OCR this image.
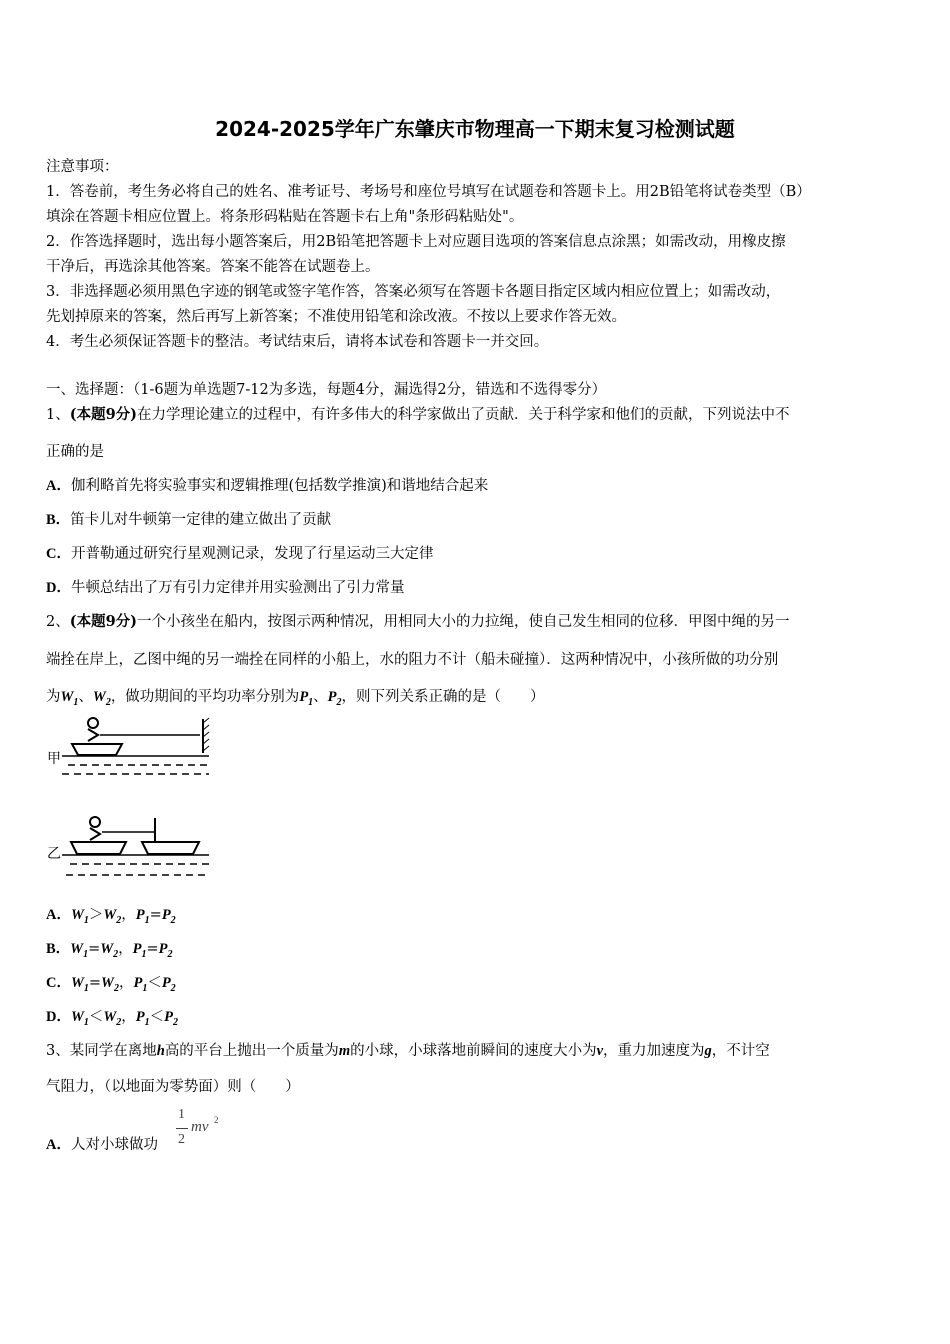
2024-2025学年广东肇庆市物理高一下期末复习检测试题
注意事项：
1．答卷前，考生务必将自己的姓名、准考证号、考场号和座位号填写在试题卷和答题卡上。用2B铅笔将试卷类型（B）
填涂在答题卡相应位置上。将条形码粘贴在答题卡右上角"条形码粘贴处"。
2．作答选择题时，选出每小题答案后，用2B铅笔把答题卡上对应题目选项的答案信息点涂黑；如需改动，用橡皮擦
干净后，再选涂其他答案。答案不能答在试题卷上。
3．非选择题必须用黑色字迹的钢笔或签字笔作答，答案必须写在答题卡各题目指定区域内相应位置上；如需改动，
先划掉原来的答案，然后再写上新答案；不准使用铅笔和涂改液。不按以上要求作答无效。
4．考生必须保证答题卡的整洁。考试结束后，请将本试卷和答题卡一并交回。
一、选择题：（1-6题为单选题7-12为多选，每题4分，漏选得2分，错选和不选得零分）
1、(本题9分)在力学理论建立的过程中，有许多伟大的科学家做出了贡献．关于科学家和他们的贡献，下列说法中不
正确的是
A．伽利略首先将实验事实和逻辑推理(包括数学推演)和谐地结合起来
B．笛卡儿对牛顿第一定律的建立做出了贡献
C．开普勒通过研究行星观测记录，发现了行星运动三大定律
D．牛顿总结出了万有引力定律并用实验测出了引力常量
2、(本题9分)一个小孩坐在船内，按图示两种情况，用相同大小的力拉绳，使自己发生相同的位移．甲图中绳的另一
端拴在岸上，乙图中绳的另一端拴在同样的小船上，水的阻力不计（船未碰撞）．这两种情况中，小孩所做的功分别
为$W_1$、$W_2$，做功期间的平均功率分别为$P_1$、$P_2$，则下列关系正确的是（　　）
甲
乙
A．$W_1>W_2$，$P_1=P_2$
B．$W_1=W_2$，$P_1=P_2$
C．$W_1=W_2$，$P_1<P_2$
D．$W_1<W_2$，$P_1<P_2$
3、某同学在离地h高的平台上抛出一个质量为m的小球，小球落地前瞬间的速度大小为v，重力加速度为g，不计空
气阻力，（以地面为零势面）则（　　）
A．人对小球做功
1
2
mv 2
